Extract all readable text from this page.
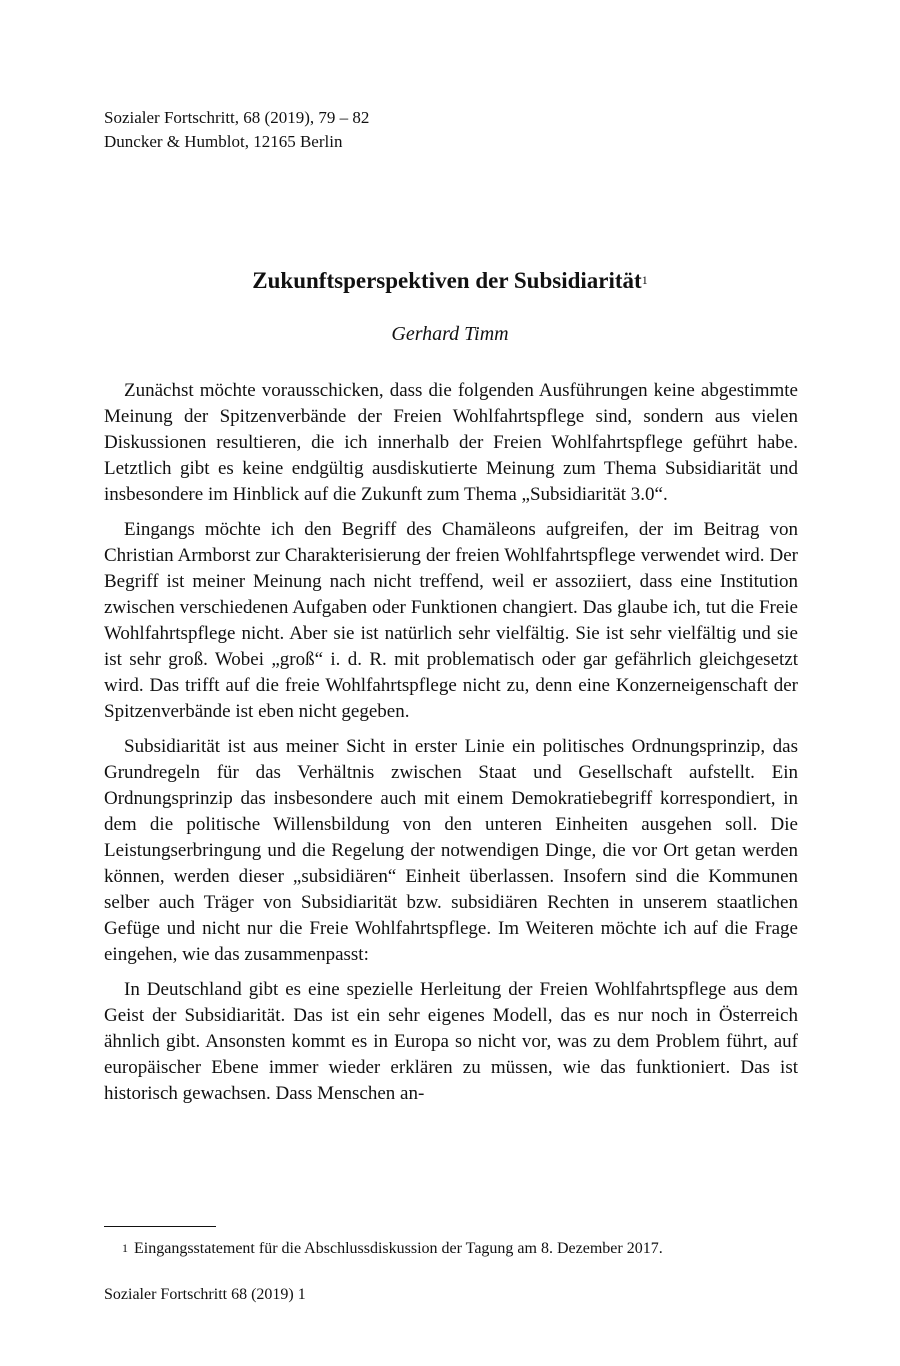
Sozialer Fortschritt, 68 (2019), 79 – 82
Duncker & Humblot, 12165 Berlin
Zukunftsperspektiven der Subsidiarität$^1$
Gerhard Timm

Zunächst möchte vorausschicken, dass die folgenden Ausführungen keine abgestimmte Meinung der Spitzenverbände der Freien Wohlfahrtspflege sind, sondern aus vielen Diskussionen resultieren, die ich innerhalb der Freien Wohlfahrtspflege geführt habe. Letztlich gibt es keine endgültig ausdiskutierte Meinung zum Thema Subsidiarität und insbesondere im Hinblick auf die Zukunft zum Thema „Subsidiarität 3.0“.

Eingangs möchte ich den Begriff des Chamäleons aufgreifen, der im Beitrag von Christian Armborst zur Charakterisierung der freien Wohlfahrtspflege verwendet wird. Der Begriff ist meiner Meinung nach nicht treffend, weil er assoziiert, dass eine Institution zwischen verschiedenen Aufgaben oder Funktionen changiert. Das glaube ich, tut die Freie Wohlfahrtspflege nicht. Aber sie ist natürlich sehr vielfältig. Sie ist sehr vielfältig und sie ist sehr groß. Wobei „groß“ i. d. R. mit problematisch oder gar gefährlich gleichgesetzt wird. Das trifft auf die freie Wohlfahrtspflege nicht zu, denn eine Konzerneigenschaft der Spitzenverbände ist eben nicht gegeben.

Subsidiarität ist aus meiner Sicht in erster Linie ein politisches Ordnungsprinzip, das Grundregeln für das Verhältnis zwischen Staat und Gesellschaft aufstellt. Ein Ordnungsprinzip das insbesondere auch mit einem Demokratiebegriff korrespondiert, in dem die politische Willensbildung von den unteren Einheiten ausgehen soll. Die Leistungserbringung und die Regelung der notwendigen Dinge, die vor Ort getan werden können, werden dieser „subsidiären“ Einheit überlassen. Insofern sind die Kommunen selber auch Träger von Subsidiarität bzw. subsidiären Rechten in unserem staatlichen Gefüge und nicht nur die Freie Wohlfahrtspflege. Im Weiteren möchte ich auf die Frage eingehen, wie das zusammenpasst:

In Deutschland gibt es eine spezielle Herleitung der Freien Wohlfahrtspflege aus dem Geist der Subsidiarität. Das ist ein sehr eigenes Modell, das es nur noch in Österreich ähnlich gibt. Ansonsten kommt es in Europa so nicht vor, was zu dem Problem führt, auf europäischer Ebene immer wieder erklären zu müssen, wie das funktioniert. Das ist historisch gewachsen. Dass Menschen an-

$^1$ Eingangsstatement für die Abschlussdiskussion der Tagung am 8. Dezember 2017.
Sozialer Fortschritt 68 (2019) 1
